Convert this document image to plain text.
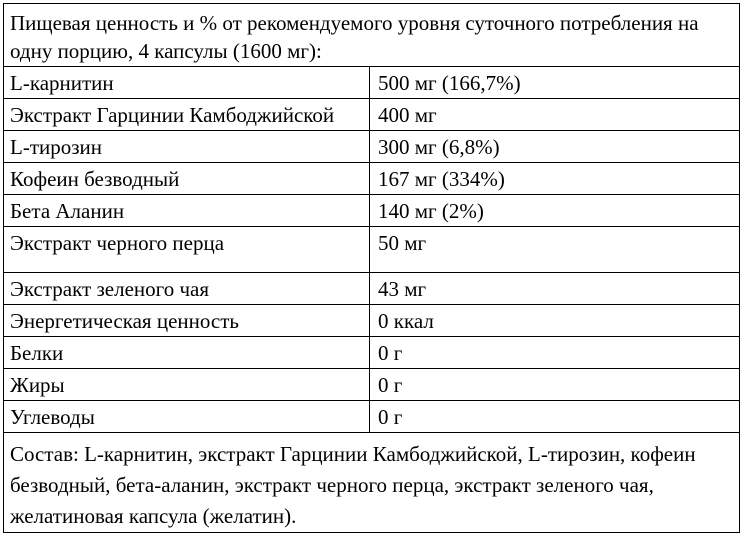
Пищевая ценность и % от рекомендуемого уровня суточного потребления на
одну порцию, 4 капсулы (1600 мг):
L-карнитин	500 мг (166,7%)
Экстракт Гарцинии Камбоджийской	400 мг
L-тирозин	300 мг (6,8%)
Кофеин безводный	167 мг (334%)
Бета Аланин	140 мг (2%)
Экстракт черного перца	50 мг
Экстракт зеленого чая	43 мг
Энергетическая ценность	0 ккал
Белки	0 г
Жиры	0 г
Углеводы	0 г
Состав: L-карнитин, экстракт Гарцинии Камбоджийской, L-тирозин, кофеин
безводный, бета-аланин, экстракт черного перца, экстракт зеленого чая,
желатиновая капсула (желатин).
